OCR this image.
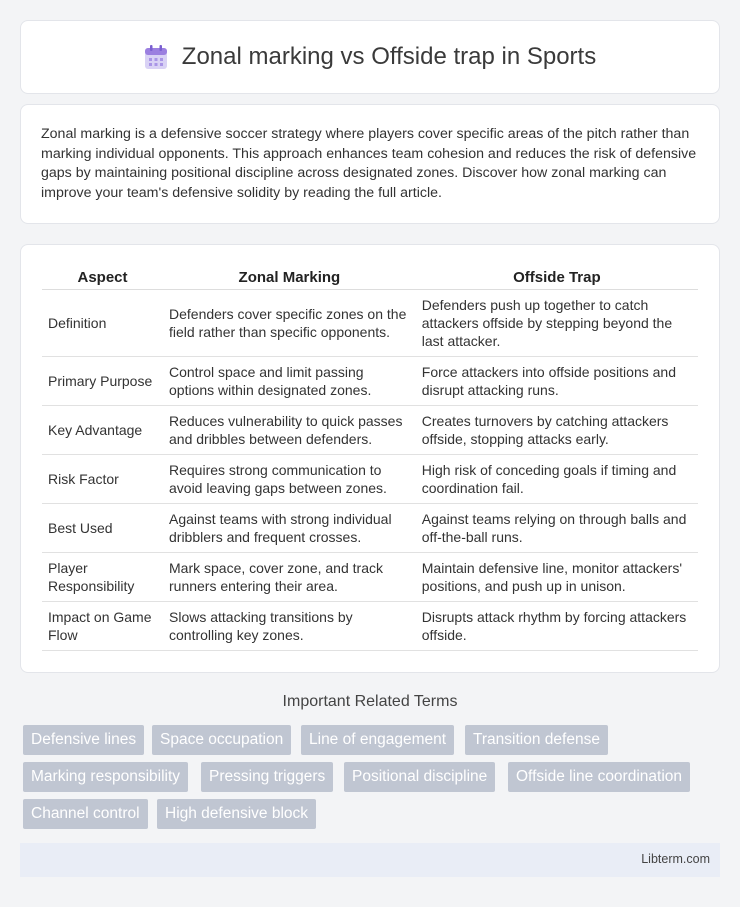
Zonal marking vs Offside trap in Sports

Zonal marking is a defensive soccer strategy where players cover specific areas of the pitch rather than marking individual opponents. This approach enhances team cohesion and reduces the risk of defensive gaps by maintaining positional discipline across designated zones. Discover how zonal marking can improve your team's defensive solidity by reading the full article.

Aspect	Zonal Marking	Offside Trap
Definition	Defenders cover specific zones on the field rather than specific opponents.	Defenders push up together to catch attackers offside by stepping beyond the last attacker.
Primary Purpose	Control space and limit passing options within designated zones.	Force attackers into offside positions and disrupt attacking runs.
Key Advantage	Reduces vulnerability to quick passes and dribbles between defenders.	Creates turnovers by catching attackers offside, stopping attacks early.
Risk Factor	Requires strong communication to avoid leaving gaps between zones.	High risk of conceding goals if timing and coordination fail.
Best Used	Against teams with strong individual dribblers and frequent crosses.	Against teams relying on through balls and off-the-ball runs.
Player Responsibility	Mark space, cover zone, and track runners entering their area.	Maintain defensive line, monitor attackers' positions, and push up in unison.
Impact on Game Flow	Slows attacking transitions by controlling key zones.	Disrupts attack rhythm by forcing attackers offside.
Important Related Terms
Defensive lines	Space occupation	Line of engagement	Transition defense
Marking responsibility	Pressing triggers	Positional discipline	Offside line coordination
Channel control	High defensive block
Libterm.com
